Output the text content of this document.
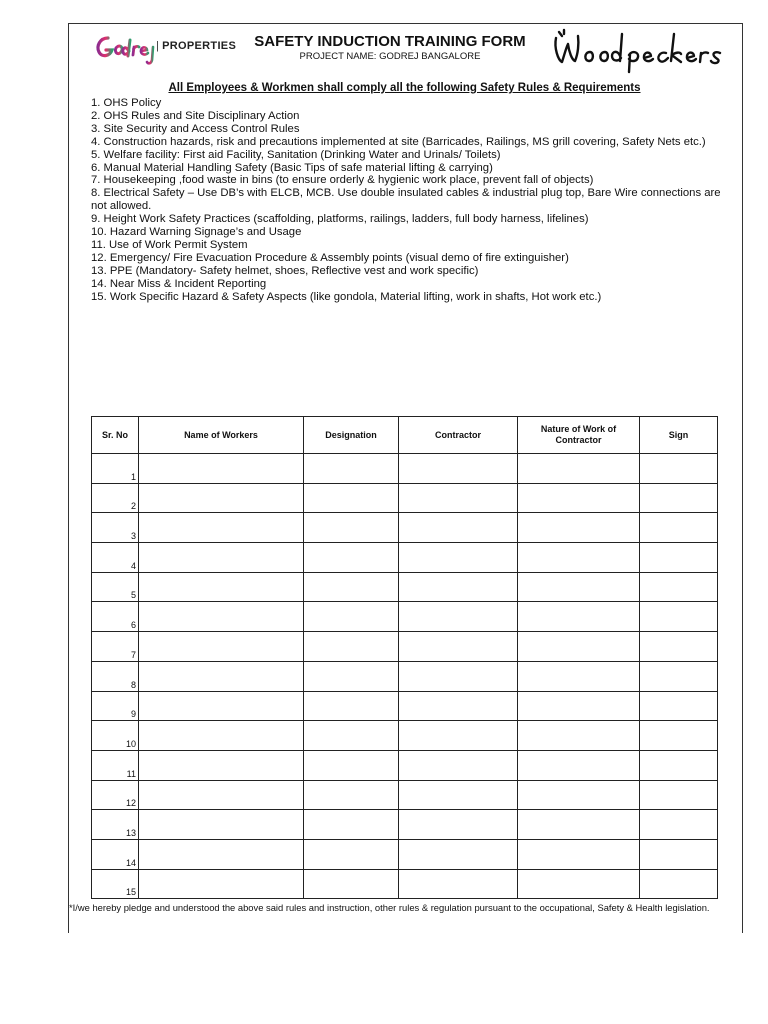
| PROPERTIES	SAFETY INDUCTION TRAINING FORM
PROJECT NAME: GODREJ BANGALORE
All Employees & Workmen shall comply all the following Safety Rules & Requirements
1. OHS Policy
2. OHS Rules and Site Disciplinary Action
3. Site Security and Access Control Rules
4. Construction hazards, risk and precautions implemented at site (Barricades, Railings, MS grill covering, Safety Nets etc.)
5. Welfare facility: First aid Facility, Sanitation (Drinking Water and Urinals/ Toilets)
6. Manual Material Handling Safety (Basic Tips of safe material lifting & carrying)
7. Housekeeping ,food waste in bins (to ensure orderly & hygienic work place, prevent fall of objects)
8. Electrical Safety – Use DB’s with ELCB, MCB. Use double insulated cables & industrial plug top, Bare Wire connections are not allowed.
9. Height Work Safety Practices (scaffolding, platforms, railings, ladders, full body harness, lifelines)
10. Hazard Warning Signage’s and Usage
11. Use of Work Permit System
12. Emergency/ Fire Evacuation Procedure & Assembly points (visual demo of fire extinguisher)
13. PPE (Mandatory- Safety helmet, shoes, Reflective vest and work specific)
14. Near Miss & Incident Reporting
15. Work Specific Hazard & Safety Aspects (like gondola, Material lifting, work in shafts, Hot work etc.)
Sr. No	Name of Workers	Designation	Contractor	Nature of Work of Contractor	Sign
1					
2					
3					
4					
5					
6					
7					
8					
9					
10					
11					
12					
13					
14					
15					
*I/we hereby pledge and understood the above said rules and instruction, other rules & regulation pursuant to the occupational, Safety & Health legislation.
